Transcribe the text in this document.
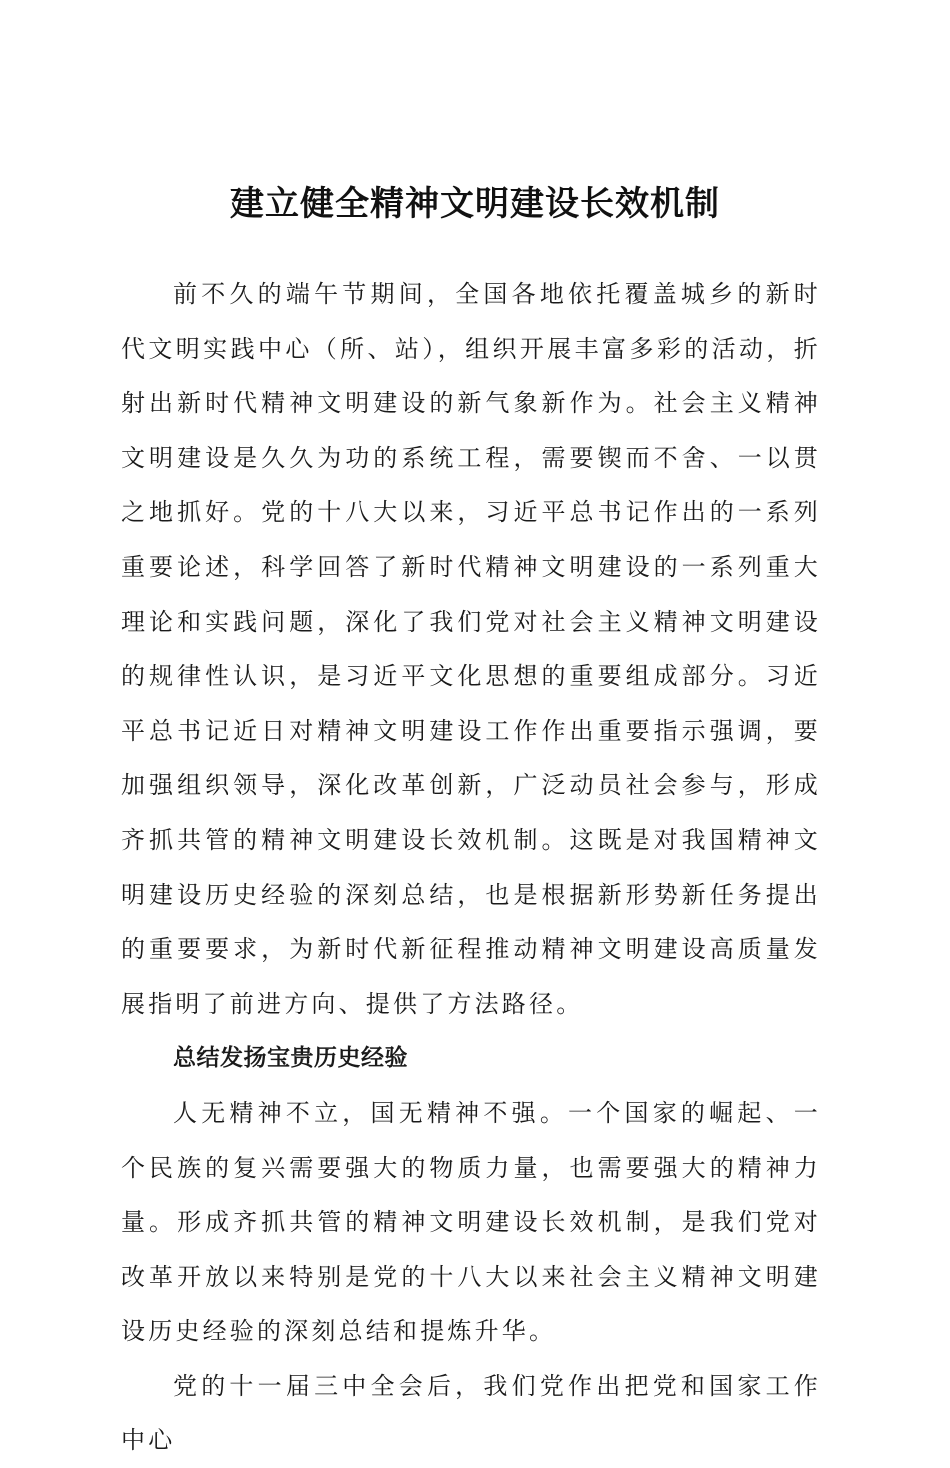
建立健全精神文明建设长效机制

前不久的端午节期间，全国各地依托覆盖城乡的新时代文明实践中心（所、站），组织开展丰富多彩的活动，折射出新时代精神文明建设的新气象新作为。社会主义精神文明建设是久久为功的系统工程，需要锲而不舍、一以贯之地抓好。党的十八大以来，习近平总书记作出的一系列重要论述，科学回答了新时代精神文明建设的一系列重大理论和实践问题，深化了我们党对社会主义精神文明建设的规律性认识，是习近平文化思想的重要组成部分。习近平总书记近日对精神文明建设工作作出重要指示强调，要加强组织领导，深化改革创新，广泛动员社会参与，形成齐抓共管的精神文明建设长效机制。这既是对我国精神文明建设历史经验的深刻总结，也是根据新形势新任务提出的重要要求，为新时代新征程推动精神文明建设高质量发展指明了前进方向、提供了方法路径。

总结发扬宝贵历史经验

人无精神不立，国无精神不强。一个国家的崛起、一个民族的复兴需要强大的物质力量，也需要强大的精神力量。形成齐抓共管的精神文明建设长效机制，是我们党对改革开放以来特别是党的十八大以来社会主义精神文明建设历史经验的深刻总结和提炼升华。

党的十一届三中全会后，我们党作出把党和国家工作中心
